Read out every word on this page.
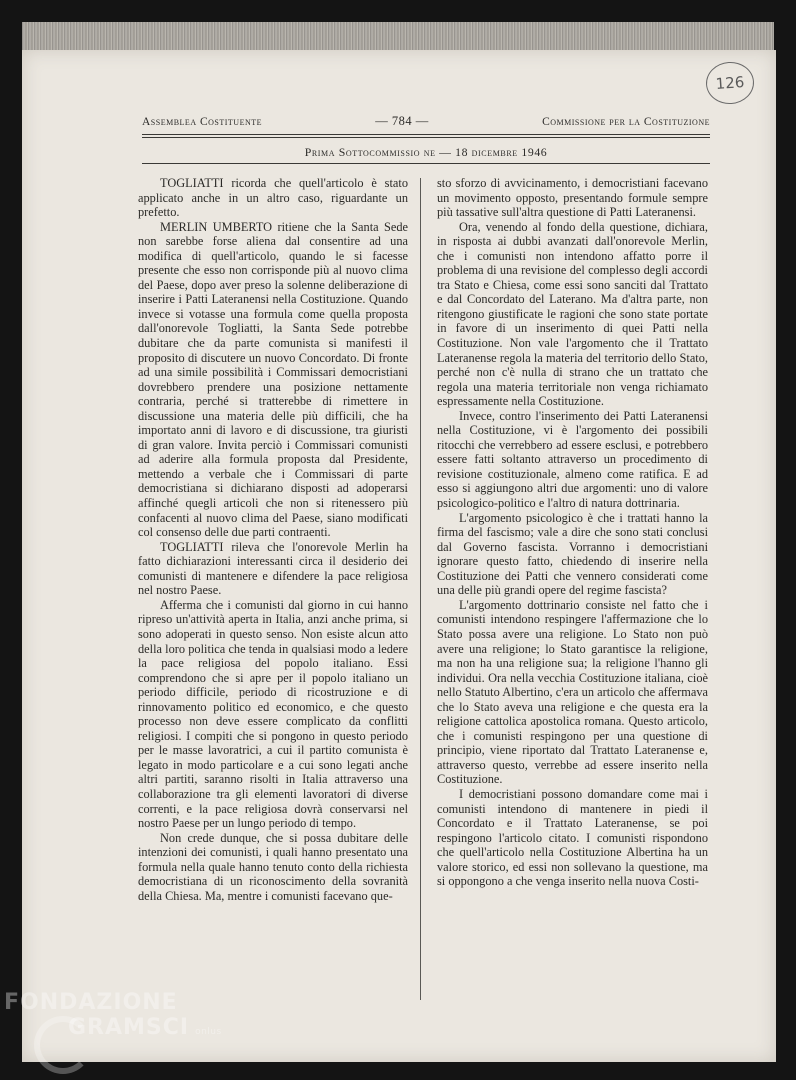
126
Assemblea Costituente	— 784 —	Commissione per la Costituzione
Prima Sottocommissio ne — 18 dicembre 1946

TOGLIATTI ricorda che quell'articolo è stato applicato anche in un altro caso, riguardante un prefetto.

MERLIN UMBERTO ritiene che la Santa Sede non sarebbe forse aliena dal consentire ad una modifica di quell'articolo, quando le si facesse presente che esso non corrisponde più al nuovo clima del Paese, dopo aver preso la solenne deliberazione di inserire i Patti Lateranensi nella Costituzione. Quando invece si votasse una formula come quella proposta dall'onorevole Togliatti, la Santa Sede potrebbe dubitare che da parte comunista si manifesti il proposito di discutere un nuovo Concordato. Di fronte ad una simile possibilità i Commissari democristiani dovrebbero prendere una posizione nettamente contraria, perché si tratterebbe di rimettere in discussione una materia delle più difficili, che ha importato anni di lavoro e di discussione, tra giuristi di gran valore. Invita perciò i Commissari comunisti ad aderire alla formula proposta dal Presidente, mettendo a verbale che i Commissari di parte democristiana si dichiarano disposti ad adoperarsi affinché quegli articoli che non si ritenessero più confacenti al nuovo clima del Paese, siano modificati col consenso delle due parti contraenti.

TOGLIATTI rileva che l'onorevole Merlin ha fatto dichiarazioni interessanti circa il desiderio dei comunisti di mantenere e difendere la pace religiosa nel nostro Paese.

Afferma che i comunisti dal giorno in cui hanno ripreso un'attività aperta in Italia, anzi anche prima, si sono adoperati in questo senso. Non esiste alcun atto della loro politica che tenda in qualsiasi modo a ledere la pace religiosa del popolo italiano. Essi comprendono che si apre per il popolo italiano un periodo difficile, periodo di ricostruzione e di rinnovamento politico ed economico, e che questo processo non deve essere complicato da conflitti religiosi. I compiti che si pongono in questo periodo per le masse lavoratrici, a cui il partito comunista è legato in modo particolare e a cui sono legati anche altri partiti, saranno risolti in Italia attraverso una collaborazione tra gli elementi lavoratori di diverse correnti, e la pace religiosa dovrà conservarsi nel nostro Paese per un lungo periodo di tempo.

Non crede dunque, che si possa dubitare delle intenzioni dei comunisti, i quali hanno presentato una formula nella quale hanno tenuto conto della richiesta democristiana di un riconoscimento della sovranità della Chiesa. Ma, mentre i comunisti facevano que-

sto sforzo di avvicinamento, i democristiani facevano un movimento opposto, presentando formule sempre più tassative sull'altra questione di Patti Lateranensi.

Ora, venendo al fondo della questione, dichiara, in risposta ai dubbi avanzati dall'onorevole Merlin, che i comunisti non intendono affatto porre il problema di una revisione del complesso degli accordi tra Stato e Chiesa, come essi sono sanciti dal Trattato e dal Concordato del Laterano. Ma d'altra parte, non ritengono giustificate le ragioni che sono state portate in favore di un inserimento di quei Patti nella Costituzione. Non vale l'argomento che il Trattato Lateranense regola la materia del territorio dello Stato, perché non c'è nulla di strano che un trattato che regola una materia territoriale non venga richiamato espressamente nella Costituzione.

Invece, contro l'inserimento dei Patti Lateranensi nella Costituzione, vi è l'argomento dei possibili ritocchi che verrebbero ad essere esclusi, e potrebbero essere fatti soltanto attraverso un procedimento di revisione costituzionale, almeno come ratifica. E ad esso si aggiungono altri due argomenti: uno di valore psicologico-politico e l'altro di natura dottrinaria.

L'argomento psicologico è che i trattati hanno la firma del fascismo; vale a dire che sono stati conclusi dal Governo fascista. Vorranno i democristiani ignorare questo fatto, chiedendo di inserire nella Costituzione dei Patti che vennero considerati come una delle più grandi opere del regime fascista?

L'argomento dottrinario consiste nel fatto che i comunisti intendono respingere l'affermazione che lo Stato possa avere una religione. Lo Stato non può avere una religione; lo Stato garantisce la religione, ma non ha una religione sua; la religione l'hanno gli individui. Ora nella vecchia Costituzione italiana, cioè nello Statuto Albertino, c'era un articolo che affermava che lo Stato aveva una religione e che questa era la religione cattolica apostolica romana. Questo articolo, che i comunisti respingono per una questione di principio, viene riportato dal Trattato Lateranense e, attraverso questo, verrebbe ad essere inserito nella Costituzione.

I democristiani possono domandare come mai i comunisti intendono di mantenere in piedi il Concordato e il Trattato Lateranense, se poi respingono l'articolo citato. I comunisti rispondono che quell'articolo nella Costituzione Albertina ha un valore storico, ed essi non sollevano la questione, ma si oppongono a che venga inserito nella nuova Costi-

FONDAZIONE
GRAMSCI onlus
